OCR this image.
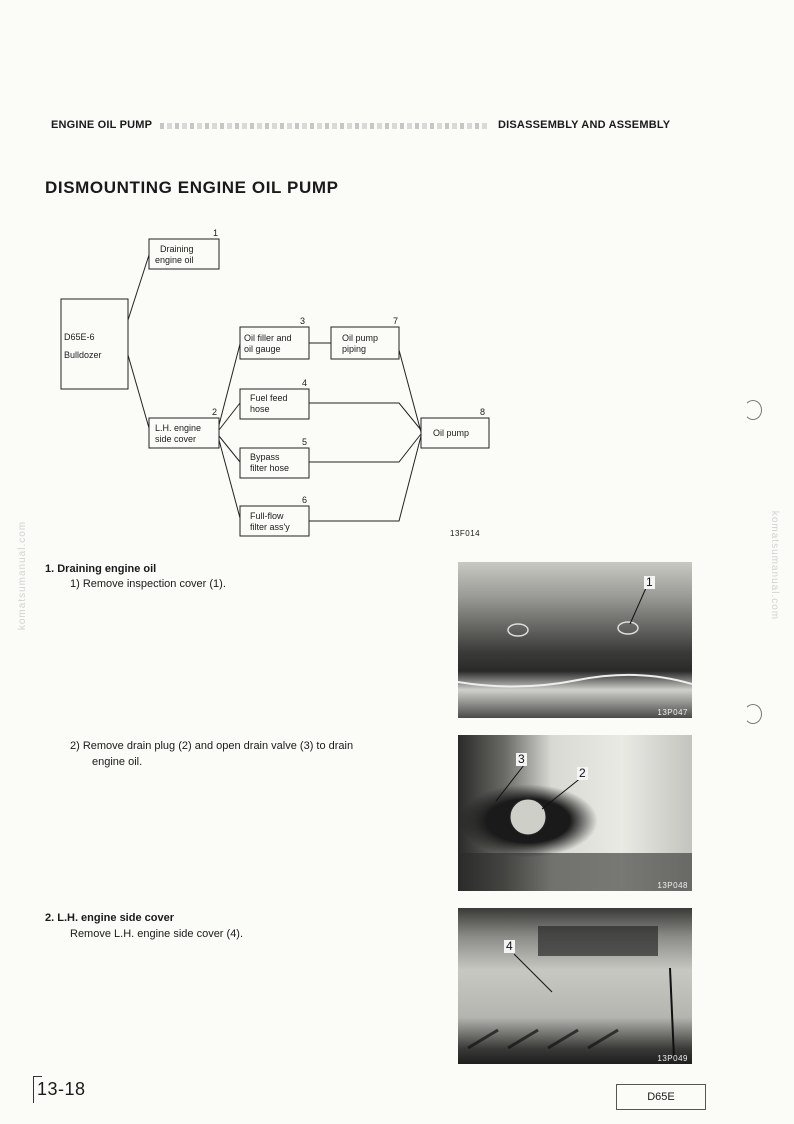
ENGINE OIL PUMP	DISASSEMBLY AND ASSEMBLY
DISMOUNTING ENGINE OIL PUMP
D65E-6
Bulldozer
1
Draining
engine oil
2
L.H. engine
side cover
3
Oil filler and
oil gauge
4
Fuel feed
hose
5
Bypass
filter hose
6
Full-flow
filter ass'y
7
Oil pump
piping
8
Oil pump
13F014
1. Draining engine oil
1) Remove inspection cover (1).
2) Remove drain plug (2) and open drain valve (3) to drain
engine oil.
2. L.H. engine side cover
Remove L.H. engine side cover (4).
1
13P047
3
2
13P048
4
13P049
komatsumanual.com	komatsumanual.com
13-18	D65E
